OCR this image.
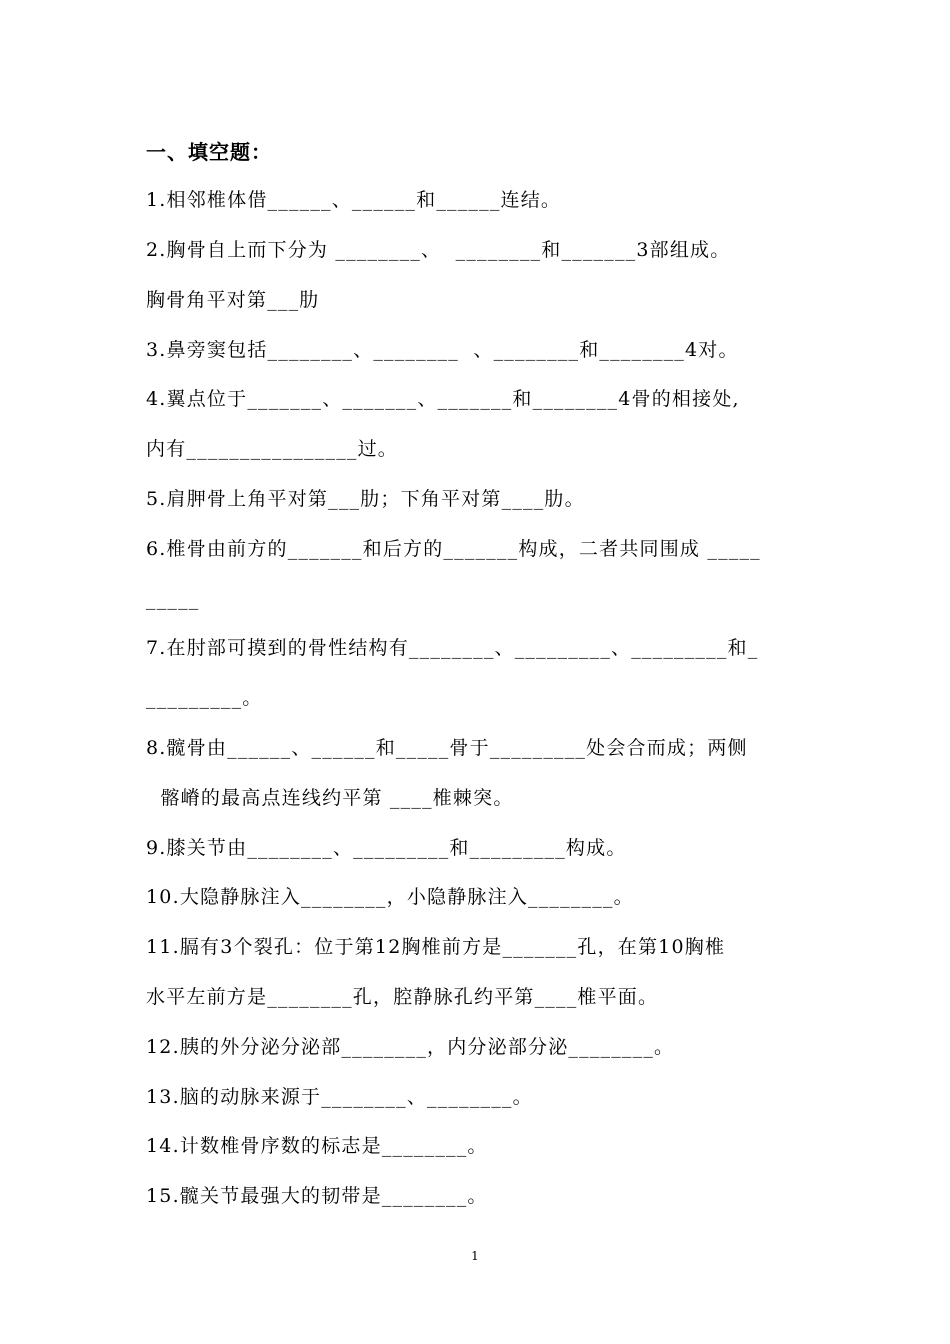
一、填空题：
1.相邻椎体借______、______和______连结。
2.胸骨自上而下分为 ________、  ________和_______3部组成。
胸骨角平对第___肋
3.鼻旁窦包括________、________  、________和________4对。
4.翼点位于_______、_______、_______和________4骨的相接处,
内有________________过。
5.肩胛骨上角平对第___肋；下角平对第____肋。
6.椎骨由前方的_______和后方的_______构成，二者共同围成 _____
_____
7.在肘部可摸到的骨性结构有________、_________、_________和_
_________。
8.髋骨由______、______和_____骨于_________处会合而成；两侧
髂嵴的最高点连线约平第 ____椎棘突。
9.膝关节由________、_________和_________构成。
10.大隐静脉注入________，小隐静脉注入________。
11.膈有3个裂孔：位于第12胸椎前方是_______孔，在第10胸椎
水平左前方是________孔，腔静脉孔约平第____椎平面。
12.胰的外分泌分泌部________，内分泌部分泌________。
13.脑的动脉来源于________、________。
14.计数椎骨序数的标志是________。
15.髋关节最强大的韧带是________。
1
